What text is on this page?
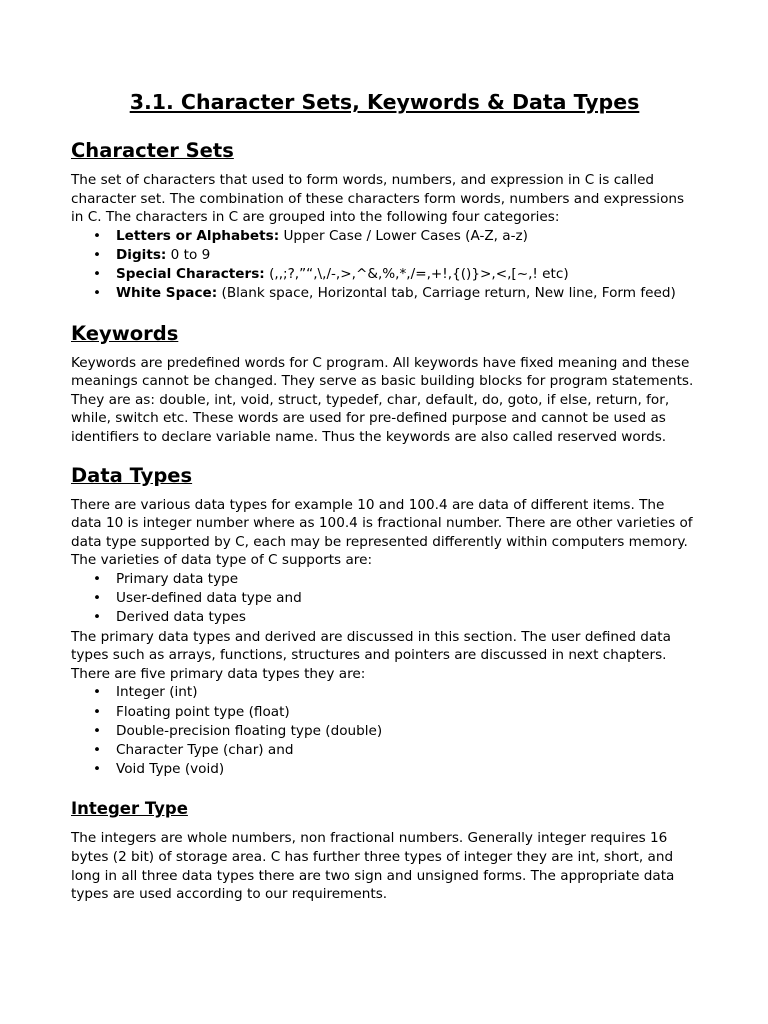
3.1. Character Sets, Keywords & Data Types
Character Sets

The set of characters that used to form words, numbers, and expression in C is called character set. The combination of these characters form words, numbers and expressions in C. The characters in C are grouped into the following four categories:

• Letters or Alphabets: Upper Case / Lower Cases (A-Z, a-z)
• Digits: 0 to 9
• Special Characters: (,,;?,”“,\,/-,>,^&,%,*,/=,+!,{()}>,<,[~,! etc)
• White Space: (Blank space, Horizontal tab, Carriage return, New line, Form feed)
Keywords

Keywords are predefined words for C program. All keywords have fixed meaning and these meanings cannot be changed. They serve as basic building blocks for program statements. They are as: double, int, void, struct, typedef, char, default, do, goto, if else, return, for, while, switch etc. These words are used for pre-defined purpose and cannot be used as identifiers to declare variable name. Thus the keywords are also called reserved words.

Data Types

There are various data types for example 10 and 100.4 are data of different items. The data 10 is integer number where as 100.4 is fractional number. There are other varieties of data type supported by C, each may be represented differently within computers memory. The varieties of data type of C supports are:

• Primary data type
• User-defined data type and
• Derived data types

The primary data types and derived are discussed in this section. The user defined data types such as arrays, functions, structures and pointers are discussed in next chapters. There are five primary data types they are:

• Integer (int)
• Floating point type (float)
• Double-precision floating type (double)
• Character Type (char) and
• Void Type (void)
Integer Type

The integers are whole numbers, non fractional numbers. Generally integer requires 16 bytes (2 bit) of storage area. C has further three types of integer they are int, short, and long in all three data types there are two sign and unsigned forms. The appropriate data types are used according to our requirements.
